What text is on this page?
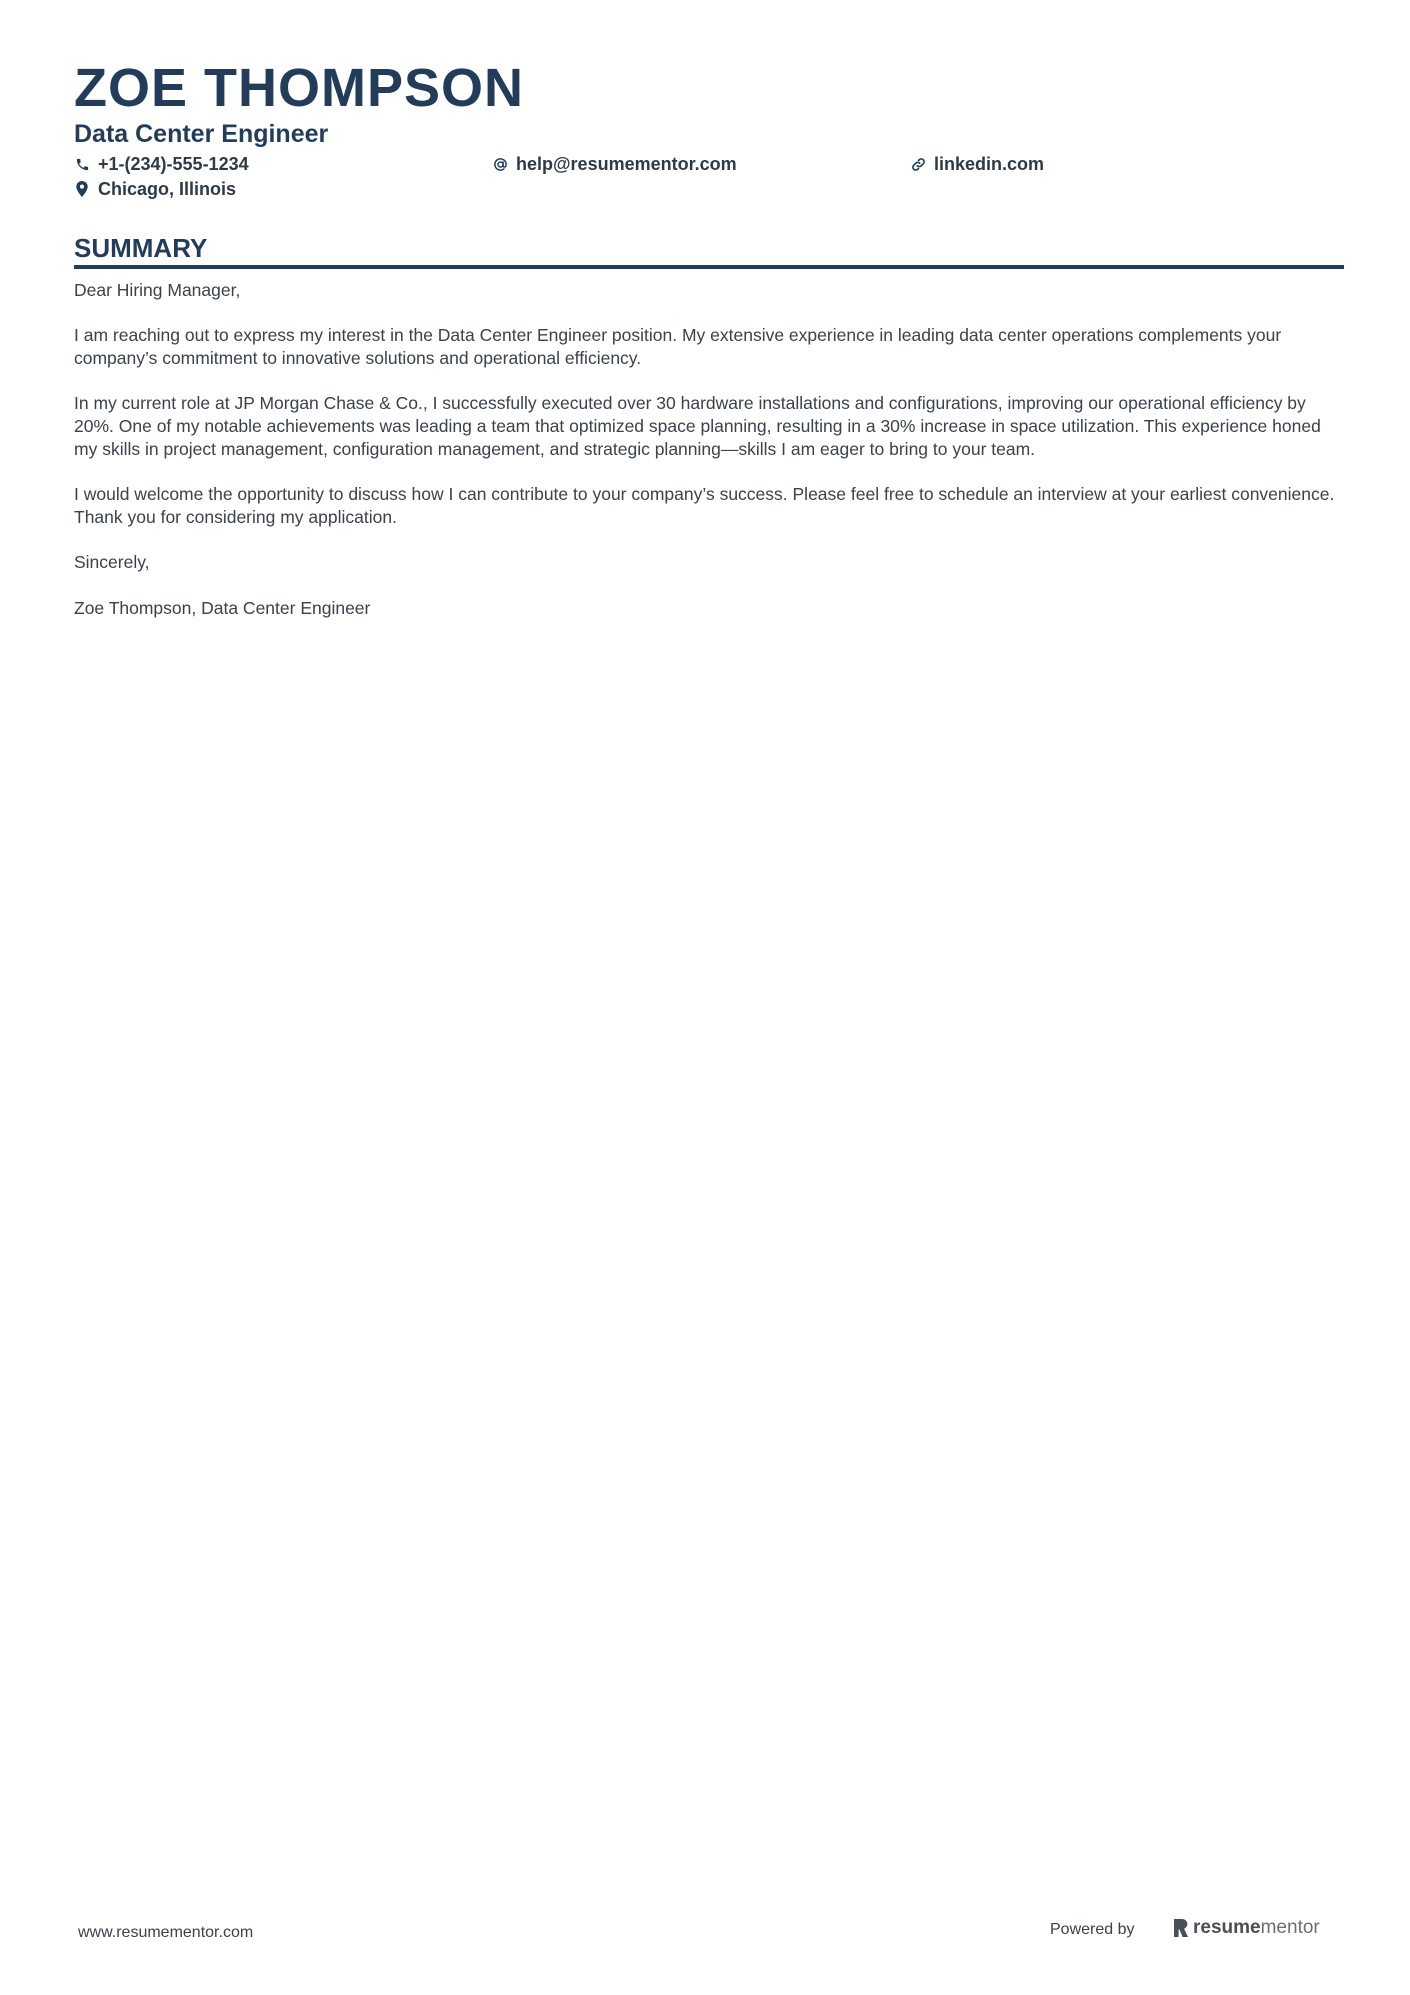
ZOE THOMPSON
Data Center Engineer
+1-(234)-555-1234	help@resumementor.com	linkedin.com
Chicago, Illinois
SUMMARY

Dear Hiring Manager,

I am reaching out to express my interest in the Data Center Engineer position. My extensive experience in leading data center operations complements your company’s commitment to innovative solutions and operational efficiency.

In my current role at JP Morgan Chase & Co., I successfully executed over 30 hardware installations and configurations, improving our operational efficiency by 20%. One of my notable achievements was leading a team that optimized space planning, resulting in a 30% increase in space utilization. This experience honed my skills in project management, configuration management, and strategic planning—skills I am eager to bring to your team.

I would welcome the opportunity to discuss how I can contribute to your company’s success. Please feel free to schedule an interview at your earliest convenience. Thank you for considering my application.

Sincerely,

Zoe Thompson, Data Center Engineer

www.resumementor.com	Powered by	resume mentor
